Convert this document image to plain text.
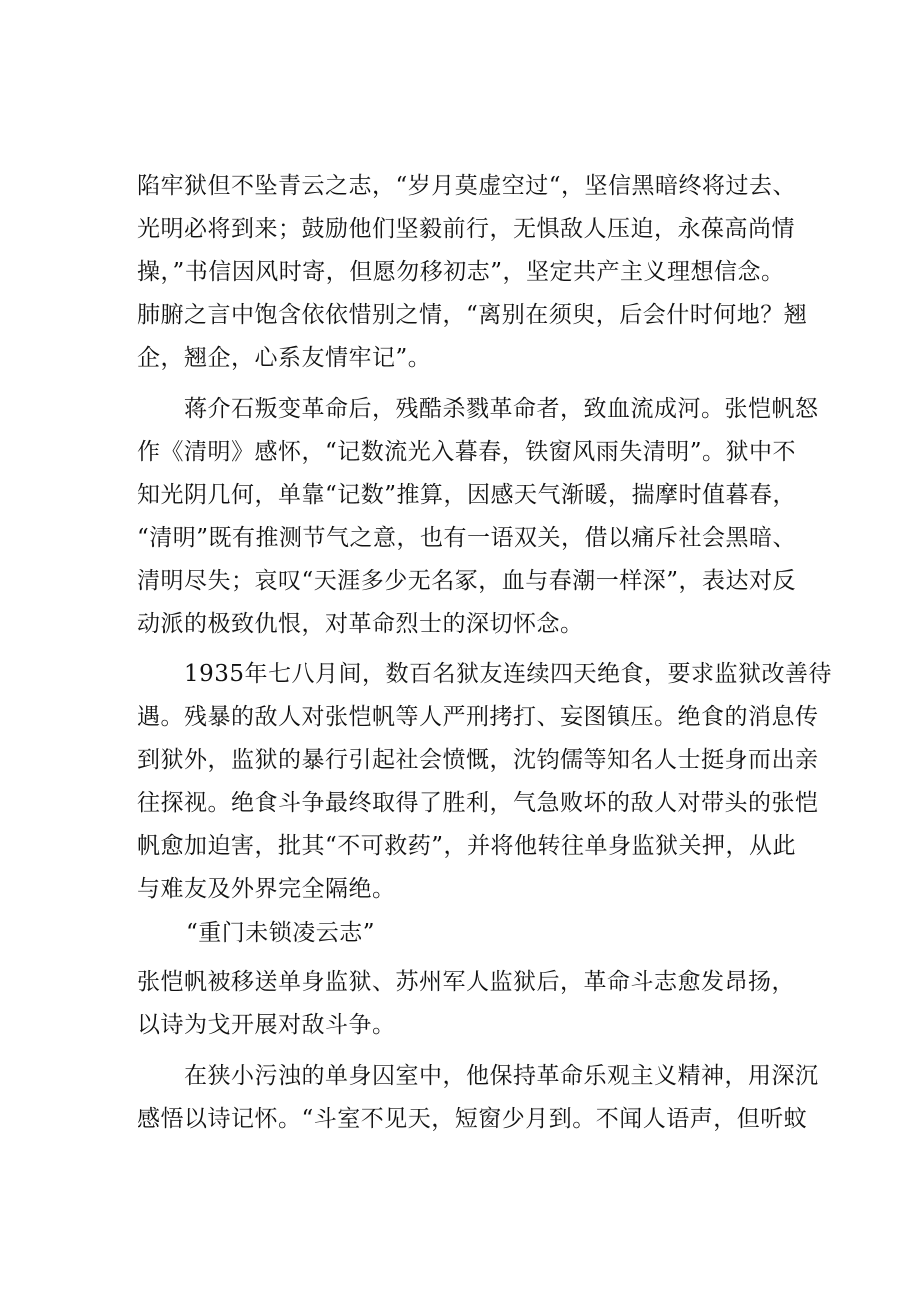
陷牢狱但不坠青云之志，“岁月莫虚空过“，坚信黑暗终将过去、
光明必将到来；鼓励他们坚毅前行，无惧敌人压迫，永葆高尚情
操，”书信因风时寄，但愿勿移初志”，坚定共产主义理想信念。
肺腑之言中饱含依依惜别之情，“离别在须臾，后会什时何地？翘
企，翘企，心系友情牢记”。
蒋介石叛变革命后，残酷杀戮革命者，致血流成河。张恺帆怒
作《清明》感怀，“记数流光入暮春，铁窗风雨失清明”。狱中不
知光阴几何，单靠“记数”推算，因感天气渐暖，揣摩时值暮春，
“清明”既有推测节气之意，也有一语双关，借以痛斥社会黑暗、
清明尽失；哀叹“天涯多少无名冢，血与春潮一样深”，表达对反
动派的极致仇恨，对革命烈士的深切怀念。
1935年七八月间，数百名狱友连续四天绝食，要求监狱改善待
遇。残暴的敌人对张恺帆等人严刑拷打、妄图镇压。绝食的消息传
到狱外，监狱的暴行引起社会愤慨，沈钧儒等知名人士挺身而出亲
往探视。绝食斗争最终取得了胜利，气急败坏的敌人对带头的张恺
帆愈加迫害，批其“不可救药”，并将他转往单身监狱关押，从此
与难友及外界完全隔绝。
“重门未锁凌云志”
张恺帆被移送单身监狱、苏州军人监狱后，革命斗志愈发昂扬，
以诗为戈开展对敌斗争。
在狭小污浊的单身囚室中，他保持革命乐观主义精神，用深沉
感悟以诗记怀。“斗室不见天，短窗少月到。不闻人语声，但听蚊
